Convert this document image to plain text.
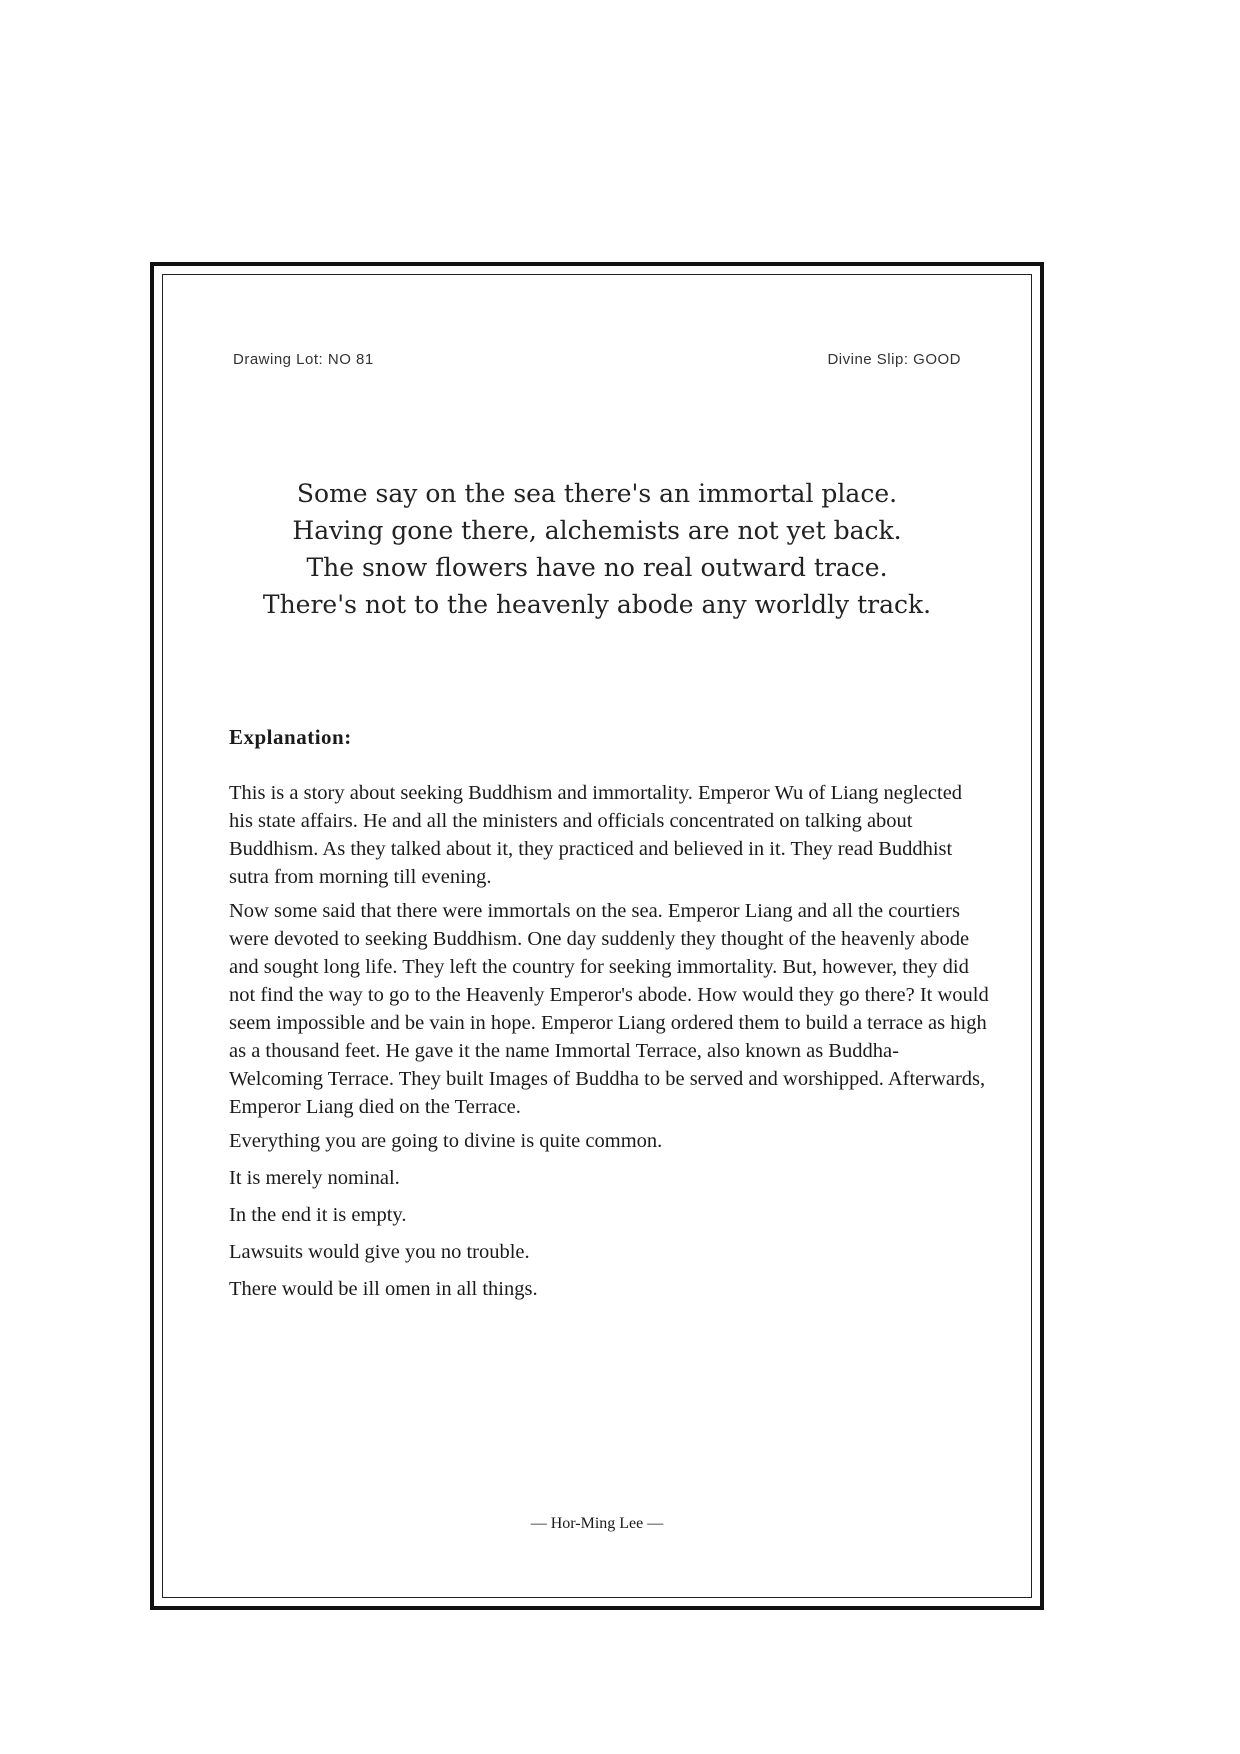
Drawing Lot: NO 81	Divine Slip: GOOD
Some say on the sea there's an immortal place.
Having gone there, alchemists are not yet back.
The snow flowers have no real outward trace.
There's not to the heavenly abode any worldly track.
Explanation:

This is a story about seeking Buddhism and immortality. Emperor Wu of Liang neglected his state affairs. He and all the ministers and officials concentrated on talking about Buddhism. As they talked about it, they practiced and believed in it. They read Buddhist sutra from morning till evening.

Now some said that there were immortals on the sea. Emperor Liang and all the courtiers were devoted to seeking Buddhism. One day suddenly they thought of the heavenly abode and sought long life. They left the country for seeking immortality. But, however, they did not find the way to go to the Heavenly Emperor's abode. How would they go there? It would seem impossible and be vain in hope. Emperor Liang ordered them to build a terrace as high as a thousand feet. He gave it the name Immortal Terrace, also known as Buddha-Welcoming Terrace. They built Images of Buddha to be served and worshipped. Afterwards, Emperor Liang died on the Terrace.

Everything you are going to divine is quite common.

It is merely nominal.

In the end it is empty.

Lawsuits would give you no trouble.

There would be ill omen in all things.

— Hor-Ming Lee —
